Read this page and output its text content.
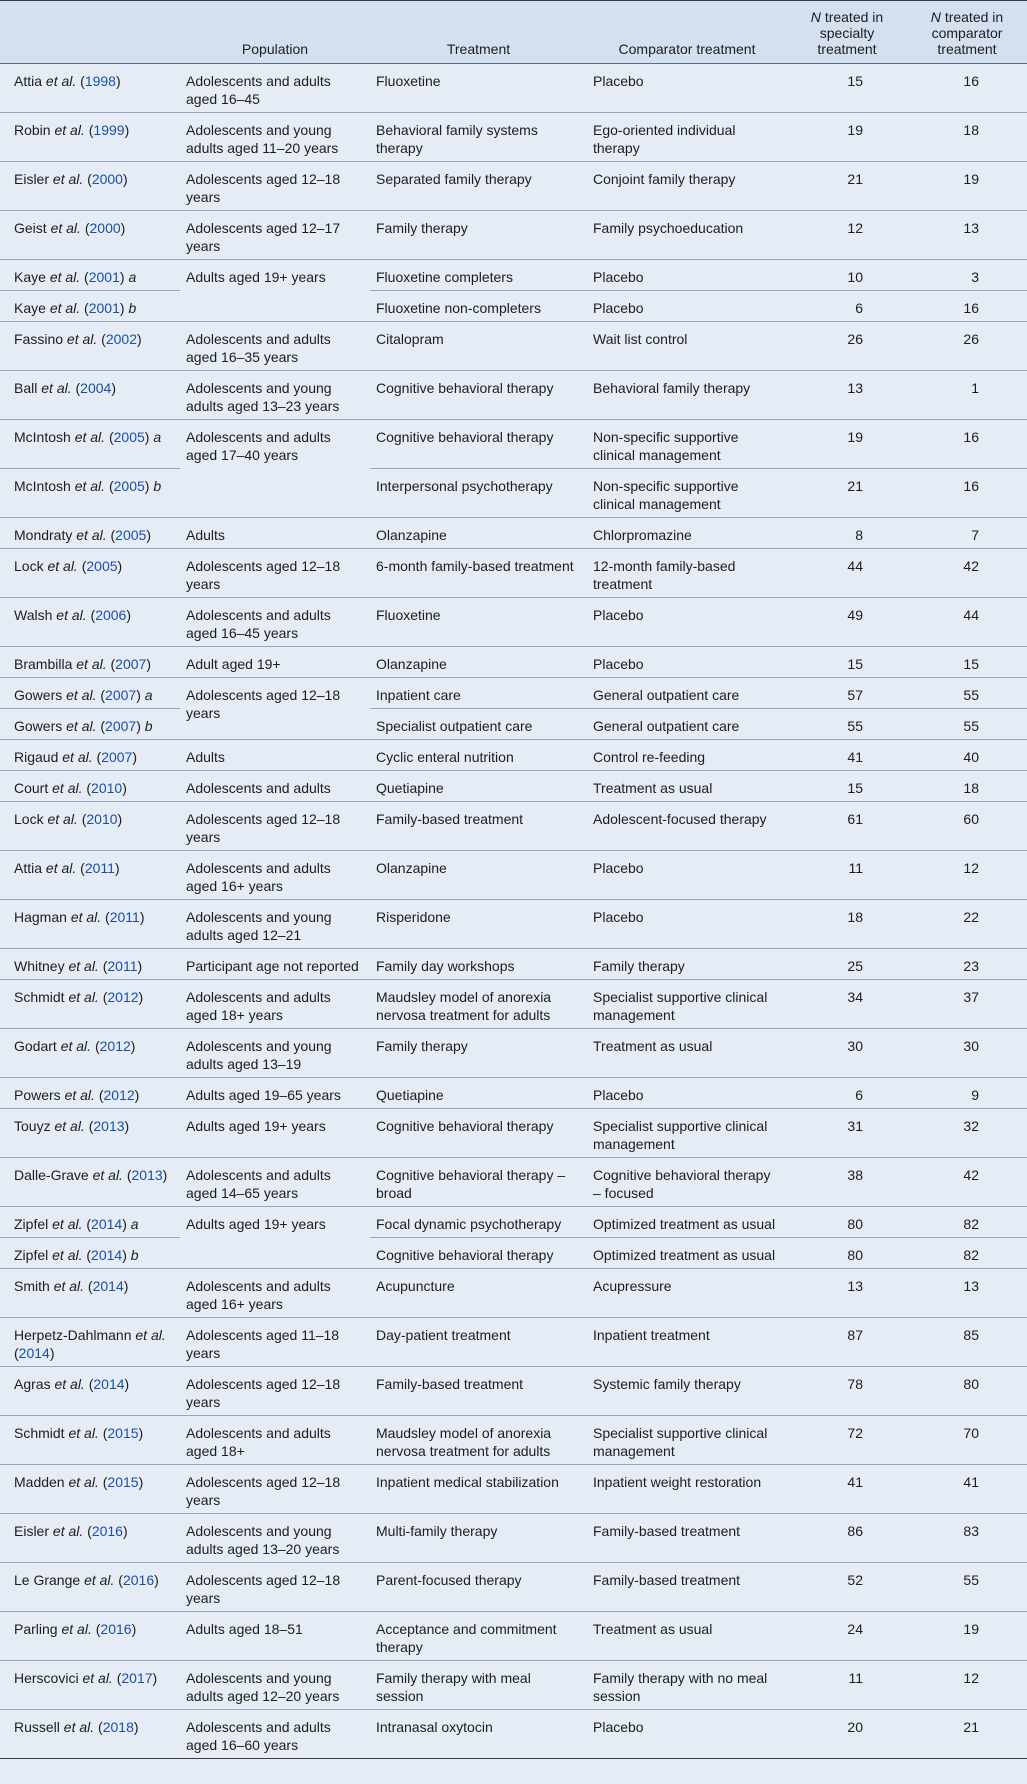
	Population	Treatment	Comparator treatment	N treated in specialty treatment	N treated in comparator treatment
Attia et al. (1998)	Adolescents and adults aged 16–45	Fluoxetine	Placebo	15	16
Robin et al. (1999)	Adolescents and young adults aged 11–20 years	Behavioral family systems therapy	Ego-oriented individual therapy	19	18
Eisler et al. (2000)	Adolescents aged 12–18 years	Separated family therapy	Conjoint family therapy	21	19
Geist et al. (2000)	Adolescents aged 12–17 years	Family therapy	Family psychoeducation	12	13
Kaye et al. (2001) a	Adults aged 19+ years	Fluoxetine completers	Placebo	10	3
Kaye et al. (2001) b		Fluoxetine non-completers	Placebo	6	16
Fassino et al. (2002)	Adolescents and adults aged 16–35 years	Citalopram	Wait list control	26	26
Ball et al. (2004)	Adolescents and young adults aged 13–23 years	Cognitive behavioral therapy	Behavioral family therapy	13	1
McIntosh et al. (2005) a	Adolescents and adults aged 17–40 years	Cognitive behavioral therapy	Non-specific supportive clinical management	19	16
McIntosh et al. (2005) b		Interpersonal psychotherapy	Non-specific supportive clinical management	21	16
Mondraty et al. (2005)	Adults	Olanzapine	Chlorpromazine	8	7
Lock et al. (2005)	Adolescents aged 12–18 years	6-month family-based treatment	12-month family-based treatment	44	42
Walsh et al. (2006)	Adolescents and adults aged 16–45 years	Fluoxetine	Placebo	49	44
Brambilla et al. (2007)	Adult aged 19+	Olanzapine	Placebo	15	15
Gowers et al. (2007) a	Adolescents aged 12–18 years	Inpatient care	General outpatient care	57	55
Gowers et al. (2007) b		Specialist outpatient care	General outpatient care	55	55
Rigaud et al. (2007)	Adults	Cyclic enteral nutrition	Control re-feeding	41	40
Court et al. (2010)	Adolescents and adults	Quetiapine	Treatment as usual	15	18
Lock et al. (2010)	Adolescents aged 12–18 years	Family-based treatment	Adolescent-focused therapy	61	60
Attia et al. (2011)	Adolescents and adults aged 16+ years	Olanzapine	Placebo	11	12
Hagman et al. (2011)	Adolescents and young adults aged 12–21	Risperidone	Placebo	18	22
Whitney et al. (2011)	Participant age not reported	Family day workshops	Family therapy	25	23
Schmidt et al. (2012)	Adolescents and adults aged 18+ years	Maudsley model of anorexia nervosa treatment for adults	Specialist supportive clinical management	34	37
Godart et al. (2012)	Adolescents and young adults aged 13–19	Family therapy	Treatment as usual	30	30
Powers et al. (2012)	Adults aged 19–65 years	Quetiapine	Placebo	6	9
Touyz et al. (2013)	Adults aged 19+ years	Cognitive behavioral therapy	Specialist supportive clinical management	31	32
Dalle-Grave et al. (2013)	Adolescents and adults aged 14–65 years	Cognitive behavioral therapy – broad	Cognitive behavioral therapy – focused	38	42
Zipfel et al. (2014) a	Adults aged 19+ years	Focal dynamic psychotherapy	Optimized treatment as usual	80	82
Zipfel et al. (2014) b		Cognitive behavioral therapy	Optimized treatment as usual	80	82
Smith et al. (2014)	Adolescents and adults aged 16+ years	Acupuncture	Acupressure	13	13
Herpetz-Dahlmann et al. (2014)	Adolescents aged 11–18 years	Day-patient treatment	Inpatient treatment	87	85
Agras et al. (2014)	Adolescents aged 12–18 years	Family-based treatment	Systemic family therapy	78	80
Schmidt et al. (2015)	Adolescents and adults aged 18+	Maudsley model of anorexia nervosa treatment for adults	Specialist supportive clinical management	72	70
Madden et al. (2015)	Adolescents aged 12–18 years	Inpatient medical stabilization	Inpatient weight restoration	41	41
Eisler et al. (2016)	Adolescents and young adults aged 13–20 years	Multi-family therapy	Family-based treatment	86	83
Le Grange et al. (2016)	Adolescents aged 12–18 years	Parent-focused therapy	Family-based treatment	52	55
Parling et al. (2016)	Adults aged 18–51	Acceptance and commitment therapy	Treatment as usual	24	19
Herscovici et al. (2017)	Adolescents and young adults aged 12–20 years	Family therapy with meal session	Family therapy with no meal session	11	12
Russell et al. (2018)	Adolescents and adults aged 16–60 years	Intranasal oxytocin	Placebo	20	21
